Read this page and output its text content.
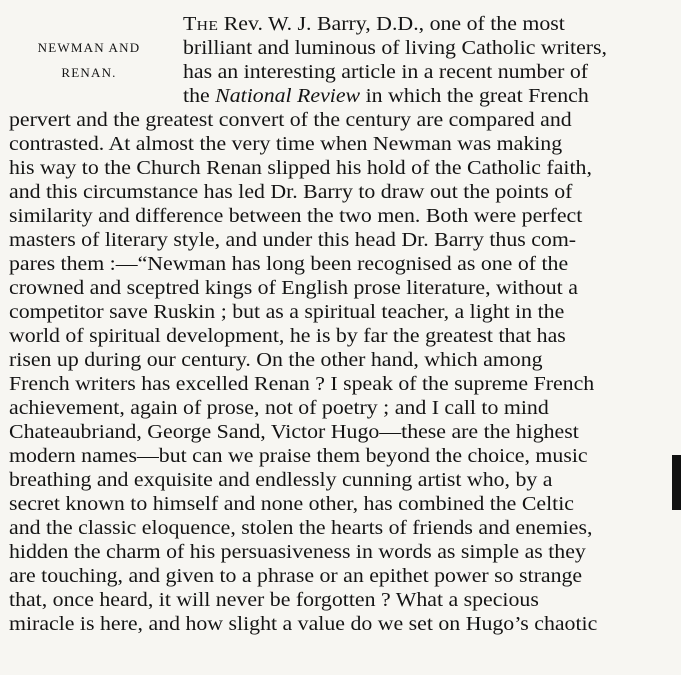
NEWMAN AND
RENAN.
The Rev. W. J. Barry, D.D., one of the most
brilliant and luminous of living Catholic writers,
has an interesting article in a recent number of
the National Review in which the great French
pervert and the greatest convert of the century are compared and
contrasted. At almost the very time when Newman was making
his way to the Church Renan slipped his hold of the Catholic faith,
and this circumstance has led Dr. Barry to draw out the points of
similarity and difference between the two men. Both were perfect
masters of literary style, and under this head Dr. Barry thus com-
pares them :—“Newman has long been recognised as one of the
crowned and sceptred kings of English prose literature, without a
competitor save Ruskin ; but as a spiritual teacher, a light in the
world of spiritual development, he is by far the greatest that has
risen up during our century. On the other hand, which among
French writers has excelled Renan ? I speak of the supreme French
achievement, again of prose, not of poetry ; and I call to mind
Chateaubriand, George Sand, Victor Hugo—these are the highest
modern names—but can we praise them beyond the choice, music
breathing and exquisite and endlessly cunning artist who, by a
secret known to himself and none other, has combined the Celtic
and the classic eloquence, stolen the hearts of friends and enemies,
hidden the charm of his persuasiveness in words as simple as they
are touching, and given to a phrase or an epithet power so strange
that, once heard, it will never be forgotten ? What a specious
miracle is here, and how slight a value do we set on Hugo’s chaotic
